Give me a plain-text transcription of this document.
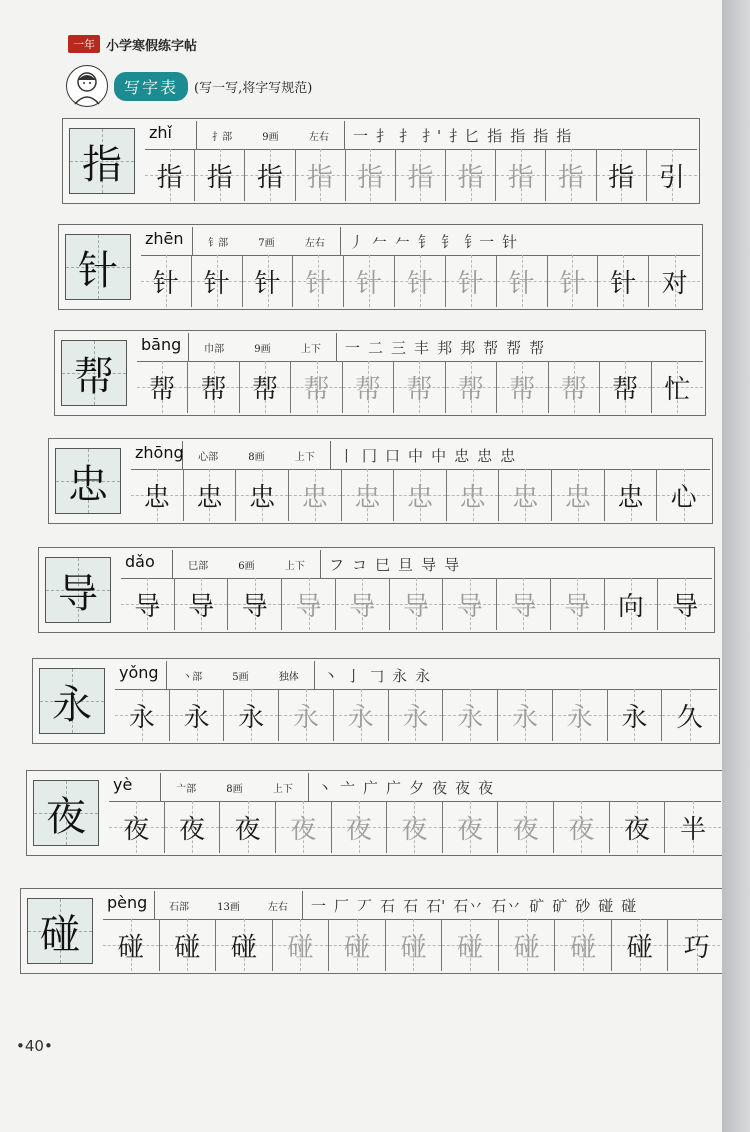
一年 小学寒假练字帖
写字表	(写一写,将字写规范)
指
zhǐ	扌部	9画	左右 一 扌 扌 扌' 扌匕 指 指 指 指
指 指 指 指 指 指 指 指 指 指 引
针
zhēn	钅部	7画	左右 丿 𠂉 𠂉 钅 钅 钅一 针
针 针 针 针 针 针 针 针 针 针 对
帮
bāng	巾部	9画	上下 一 二 三 丰 邦 邦 帮 帮 帮
帮 帮 帮 帮 帮 帮 帮 帮 帮 帮 忙
忠
zhōng 心部	8画	上下 丨 冂 口 中 中 忠 忠 忠
忠 忠 忠 忠 忠 忠 忠 忠 忠 忠 心
导
dǎo	巳部	6画	上下 フ コ 巳 旦 导 导
导 导 导 导 导 导 导 导 导 向 导
永
yǒng	丶部	5画	独体 丶 亅 𠃌 永 永
永 永 永 永 永 永 永 永 永 永 久
夜
yè	亠部	8画	上下 丶 亠 广 广 夕 夜 夜 夜
夜 夜 夜 夜 夜 夜 夜 夜 夜 夜 半
碰
pèng	石部	13画	左右 一 厂 丆 石 石 石' 石丷 石丷 矿 矿 砂 碰 碰
碰 碰 碰 碰 碰 碰 碰 碰 碰 碰 巧
•40•
